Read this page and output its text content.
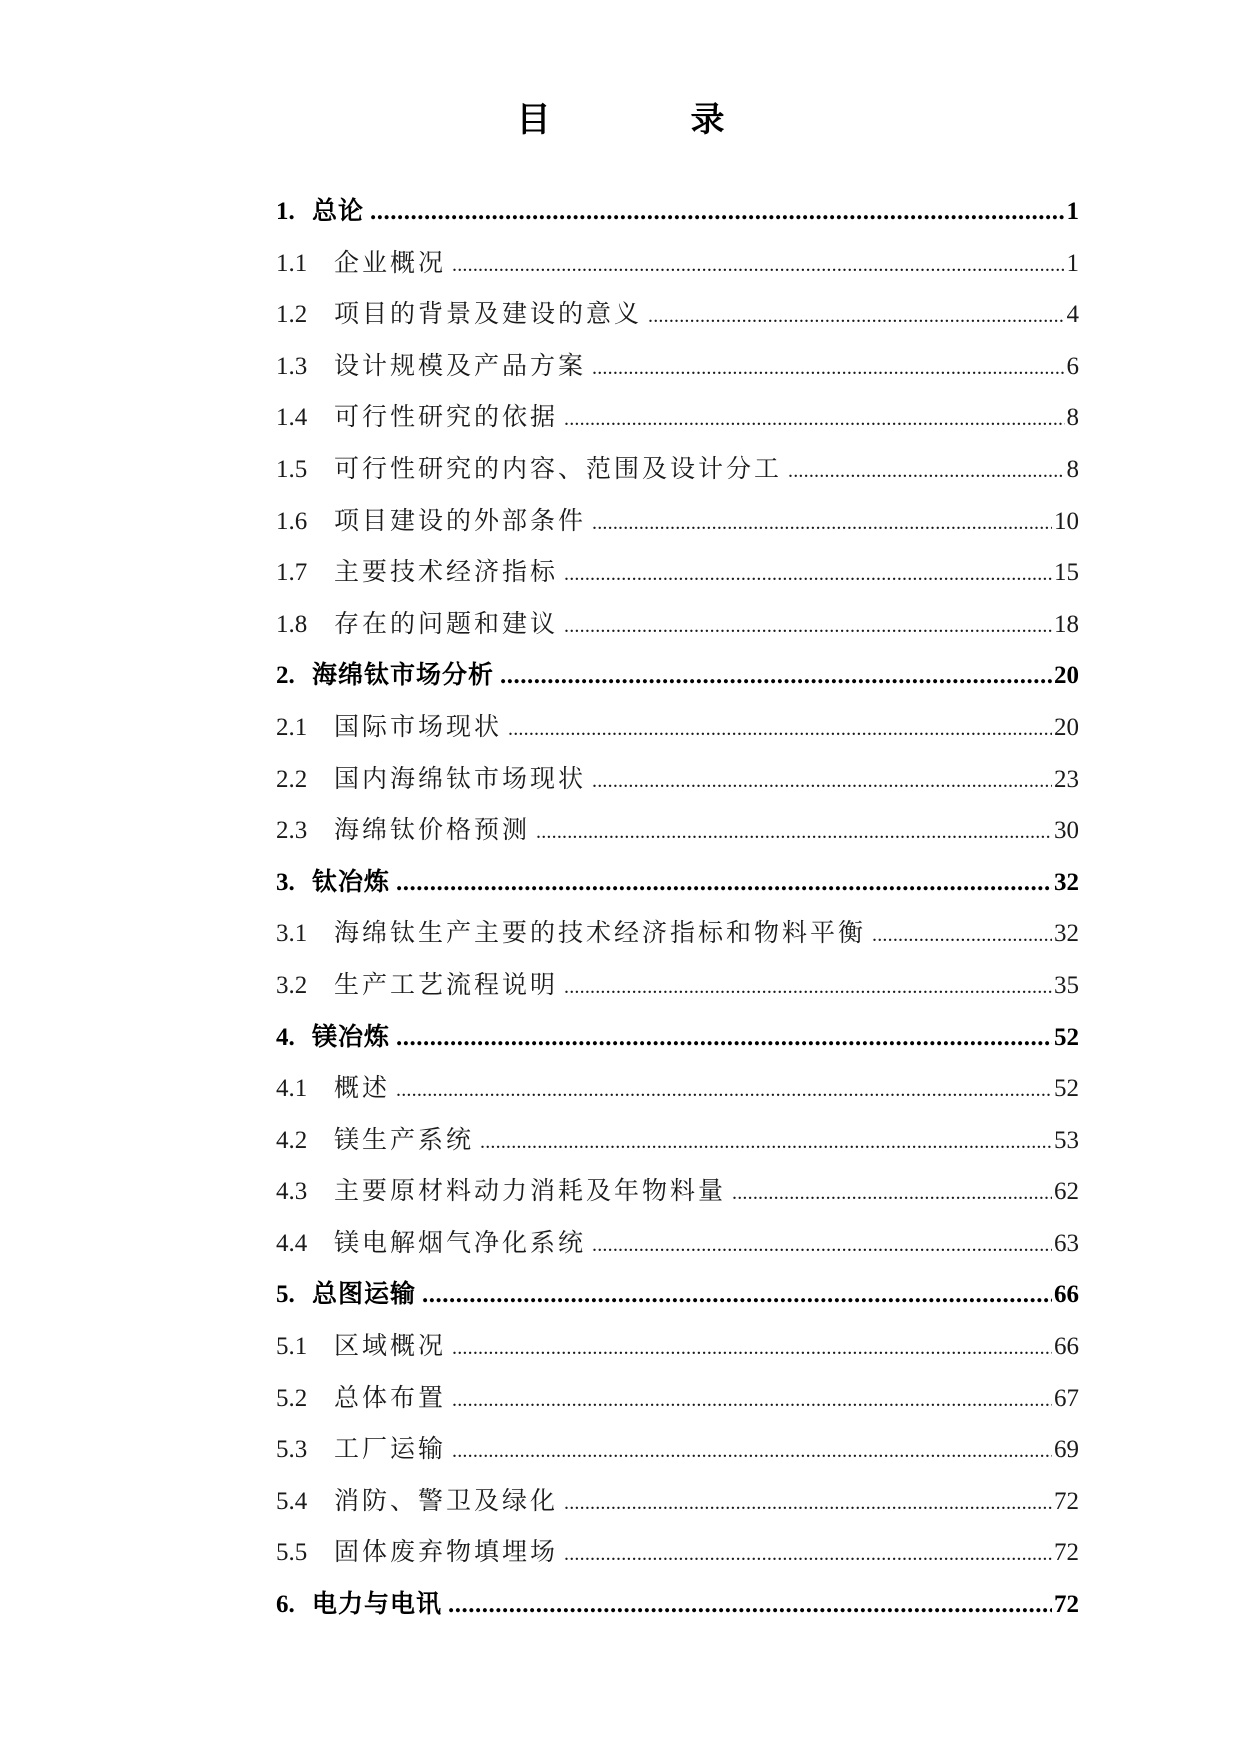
目	录
1. 总论 .....	1
1.1	企业概况 .....	1
1.2	项目的背景及建设的意义 .....	4
1.3	设计规模及产品方案 .....	6
1.4	可行性研究的依据 .....	8
1.5	可行性研究的内容、范围及设计分工 .....	8
1.6	项目建设的外部条件 .....	10
1.7	主要技术经济指标 .....	15
1.8	存在的问题和建议 .....	18
2. 海绵钛市场分析 .....	20
2.1	国际市场现状 .....	20
2.2	国内海绵钛市场现状 .....	23
2.3	海绵钛价格预测 .....	30
3. 钛冶炼 .....	32
3.1	海绵钛生产主要的技术经济指标和物料平衡 .....	32
3.2	生产工艺流程说明 .....	35
4. 镁冶炼 .....	52
4.1	概述 .....	52
4.2	镁生产系统 .....	53
4.3	主要原材料动力消耗及年物料量 .....	62
4.4	镁电解烟气净化系统 .....	63
5. 总图运输 .....	66
5.1	区域概况 .....	66
5.2	总体布置 .....	67
5.3	工厂运输 .....	69
5.4	消防、警卫及绿化 .....	72
5.5	固体废弃物填埋场 .....	72
6. 电力与电讯 .....	72
